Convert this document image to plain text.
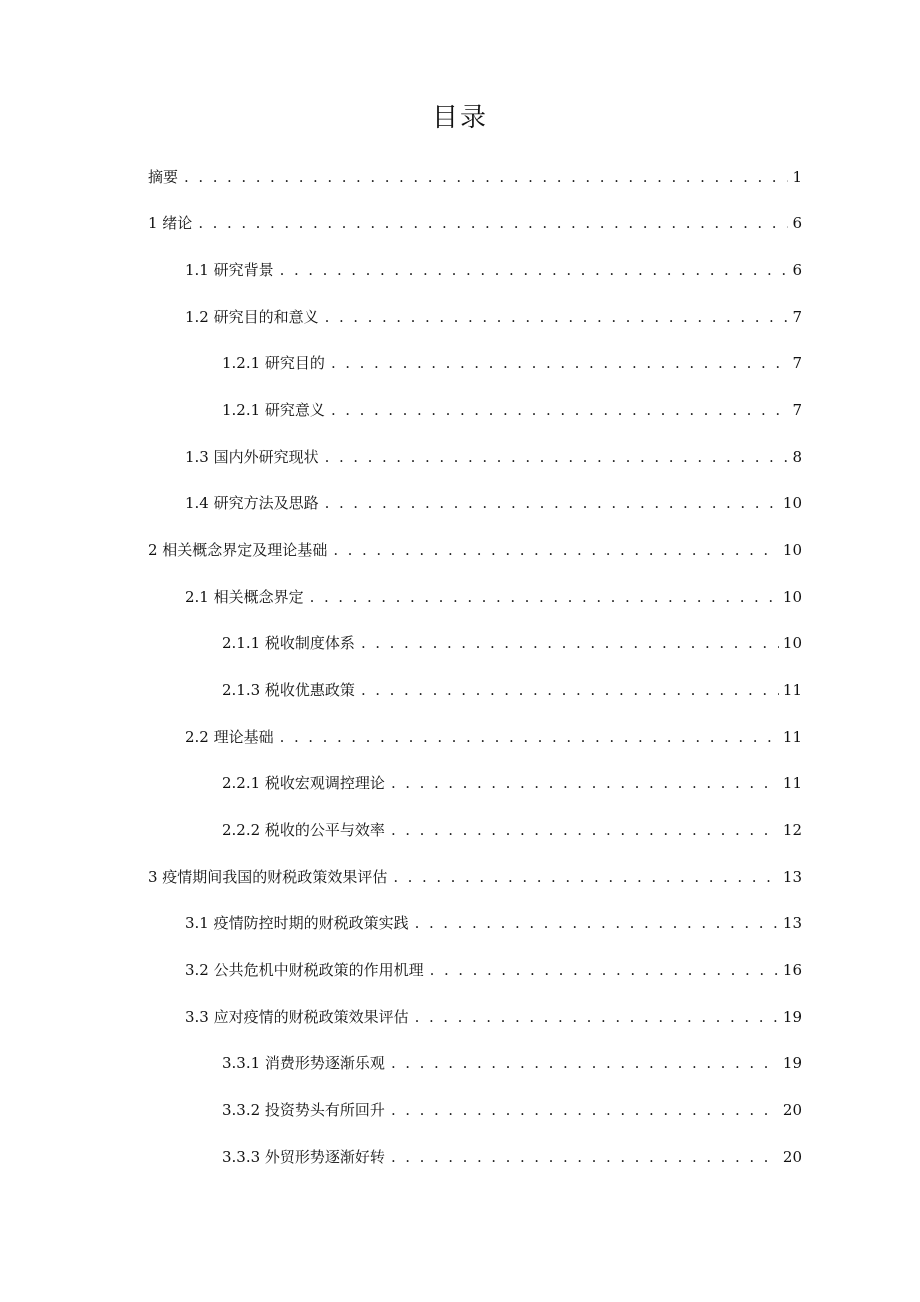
目录
摘要 . . .	1
1 绪论 . . .	6
1.1 研究背景 . . .	6
1.2 研究目的和意义 . . .	7
1.2.1 研究目的 . . .	7
1.2.1 研究意义 . . .	7
1.3 国内外研究现状 . . .	8
1.4 研究方法及思路 . . .	10
2 相关概念界定及理论基础 . . .	10
2.1 相关概念界定 . . .	10
2.1.1 税收制度体系 . . .	10
2.1.3 税收优惠政策 . . .	11
2.2 理论基础 . . .	11
2.2.1 税收宏观调控理论 . . .	11
2.2.2 税收的公平与效率 . . .	12
3 疫情期间我国的财税政策效果评估 . . .	13
3.1 疫情防控时期的财税政策实践 . . .	13
3.2 公共危机中财税政策的作用机理 . . .	16
3.3 应对疫情的财税政策效果评估 . . .	19
3.3.1 消费形势逐渐乐观 . . .	19
3.3.2 投资势头有所回升 . . .	20
3.3.3 外贸形势逐渐好转 . . .	20
